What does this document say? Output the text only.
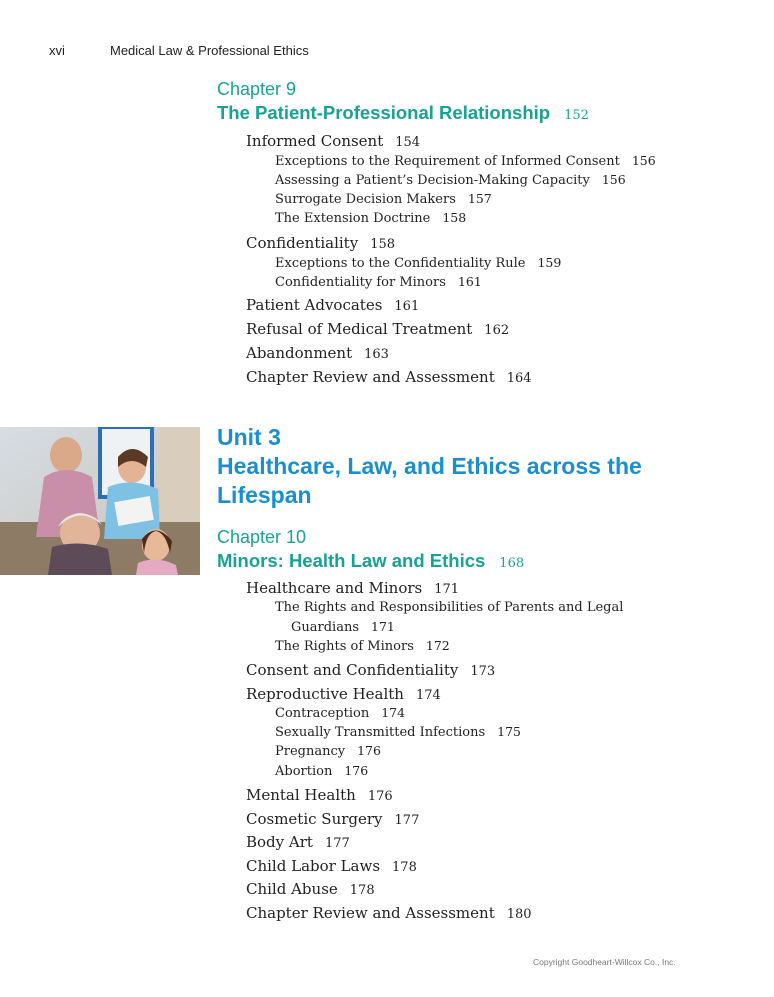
xvi	Medical Law & Professional Ethics
Chapter 9
The Patient-Professional Relationship 152
Informed Consent 154
Exceptions to the Requirement of Informed Consent 156
Assessing a Patient’s Decision-Making Capacity 156
Surrogate Decision Makers 157
The Extension Doctrine 158
Confidentiality 158
Exceptions to the Confidentiality Rule 159
Confidentiality for Minors 161
Patient Advocates 161
Refusal of Medical Treatment 162
Abandonment 163
Chapter Review and Assessment 164
Unit 3
Healthcare, Law, and Ethics across the
Lifespan
Chapter 10
Minors: Health Law and Ethics 168
Healthcare and Minors 171
The Rights and Responsibilities of Parents and Legal
Guardians 171
The Rights of Minors 172
Consent and Confidentiality 173
Reproductive Health 174
Contraception 174
Sexually Transmitted Infections 175
Pregnancy 176
Abortion 176
Mental Health 176
Cosmetic Surgery 177
Body Art 177
Child Labor Laws 178
Child Abuse 178
Chapter Review and Assessment 180
Copyright Goodheart-Willcox Co., Inc.
